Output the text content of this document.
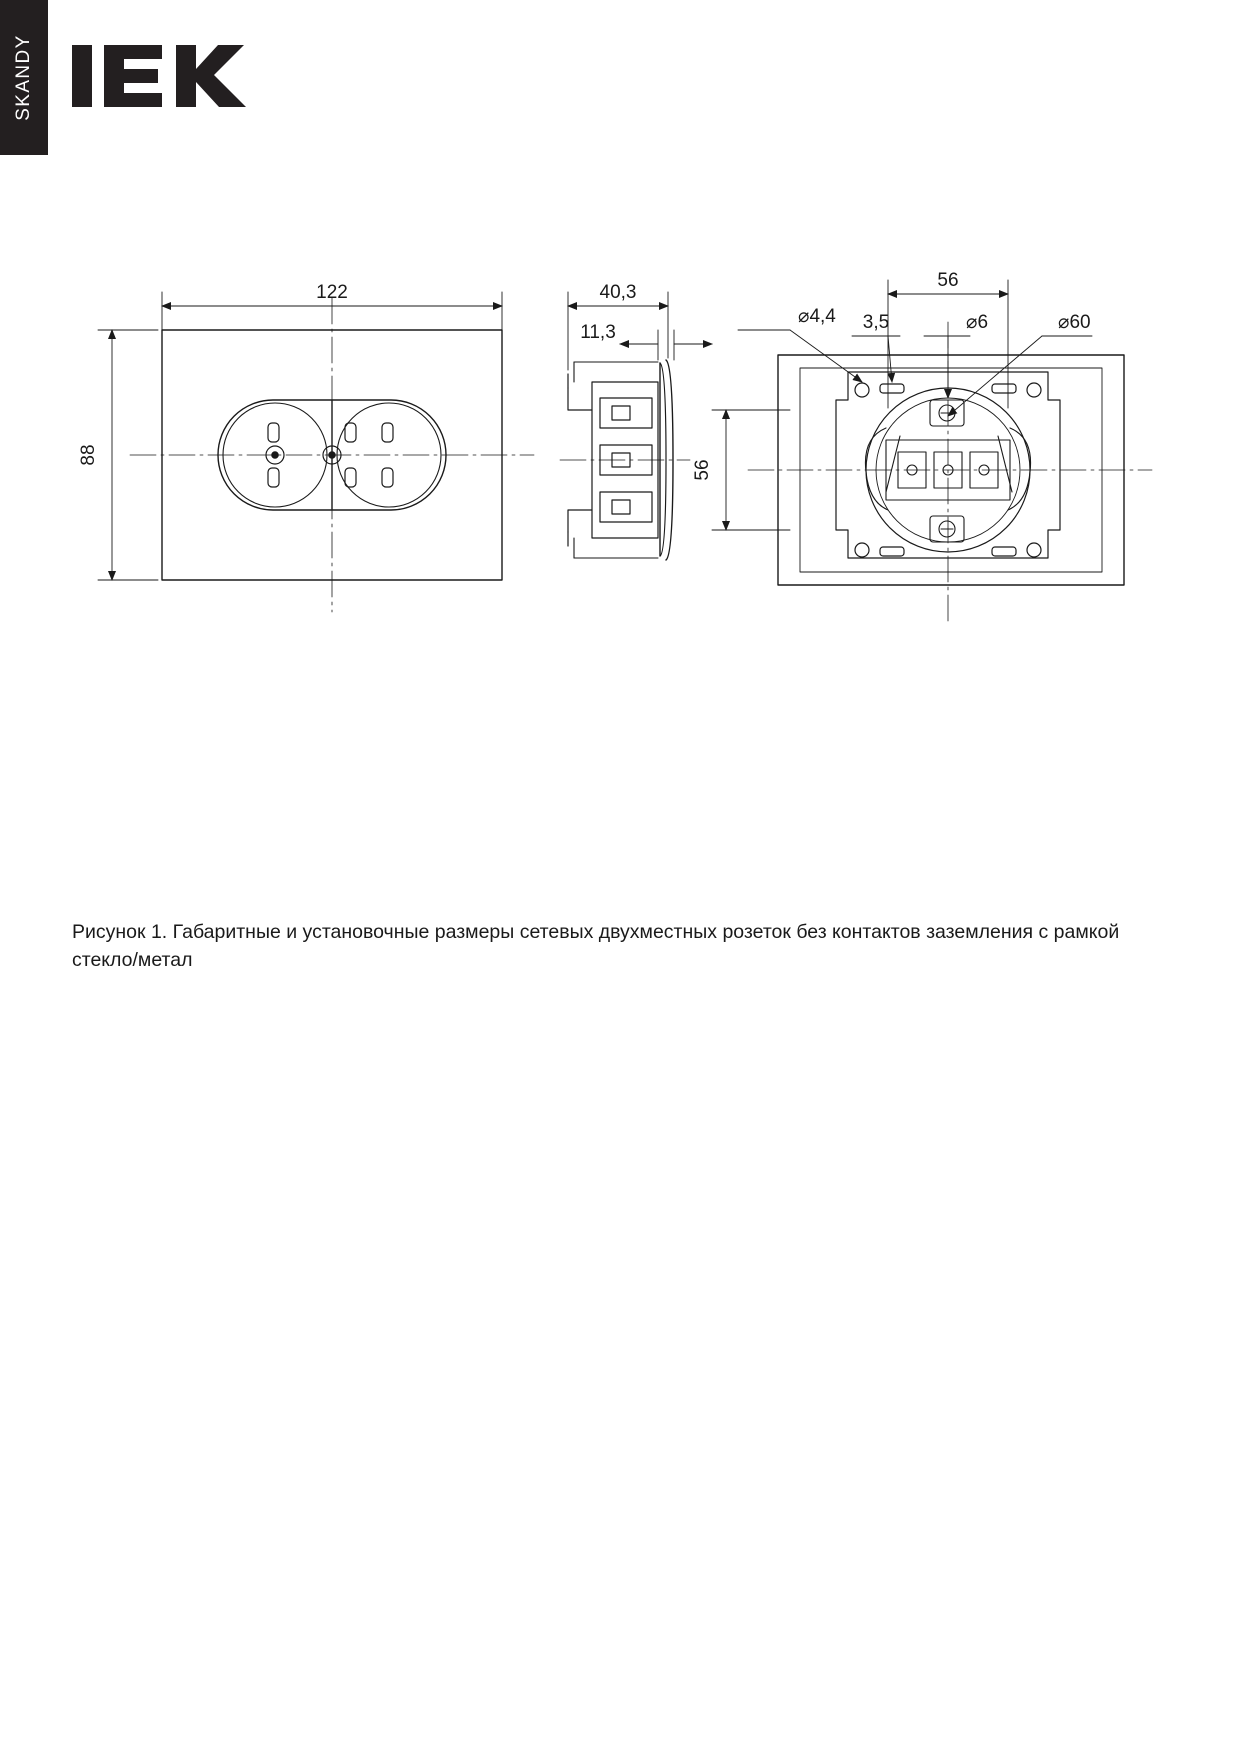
SKANDY
122
88
40,3
11,3
56
56
⌀4,4 3,5	⌀6	⌀60
Рисунок 1. Габаритные и установочные размеры сетевых двухместных розеток без контактов заземления с рамкой стекло/метал
